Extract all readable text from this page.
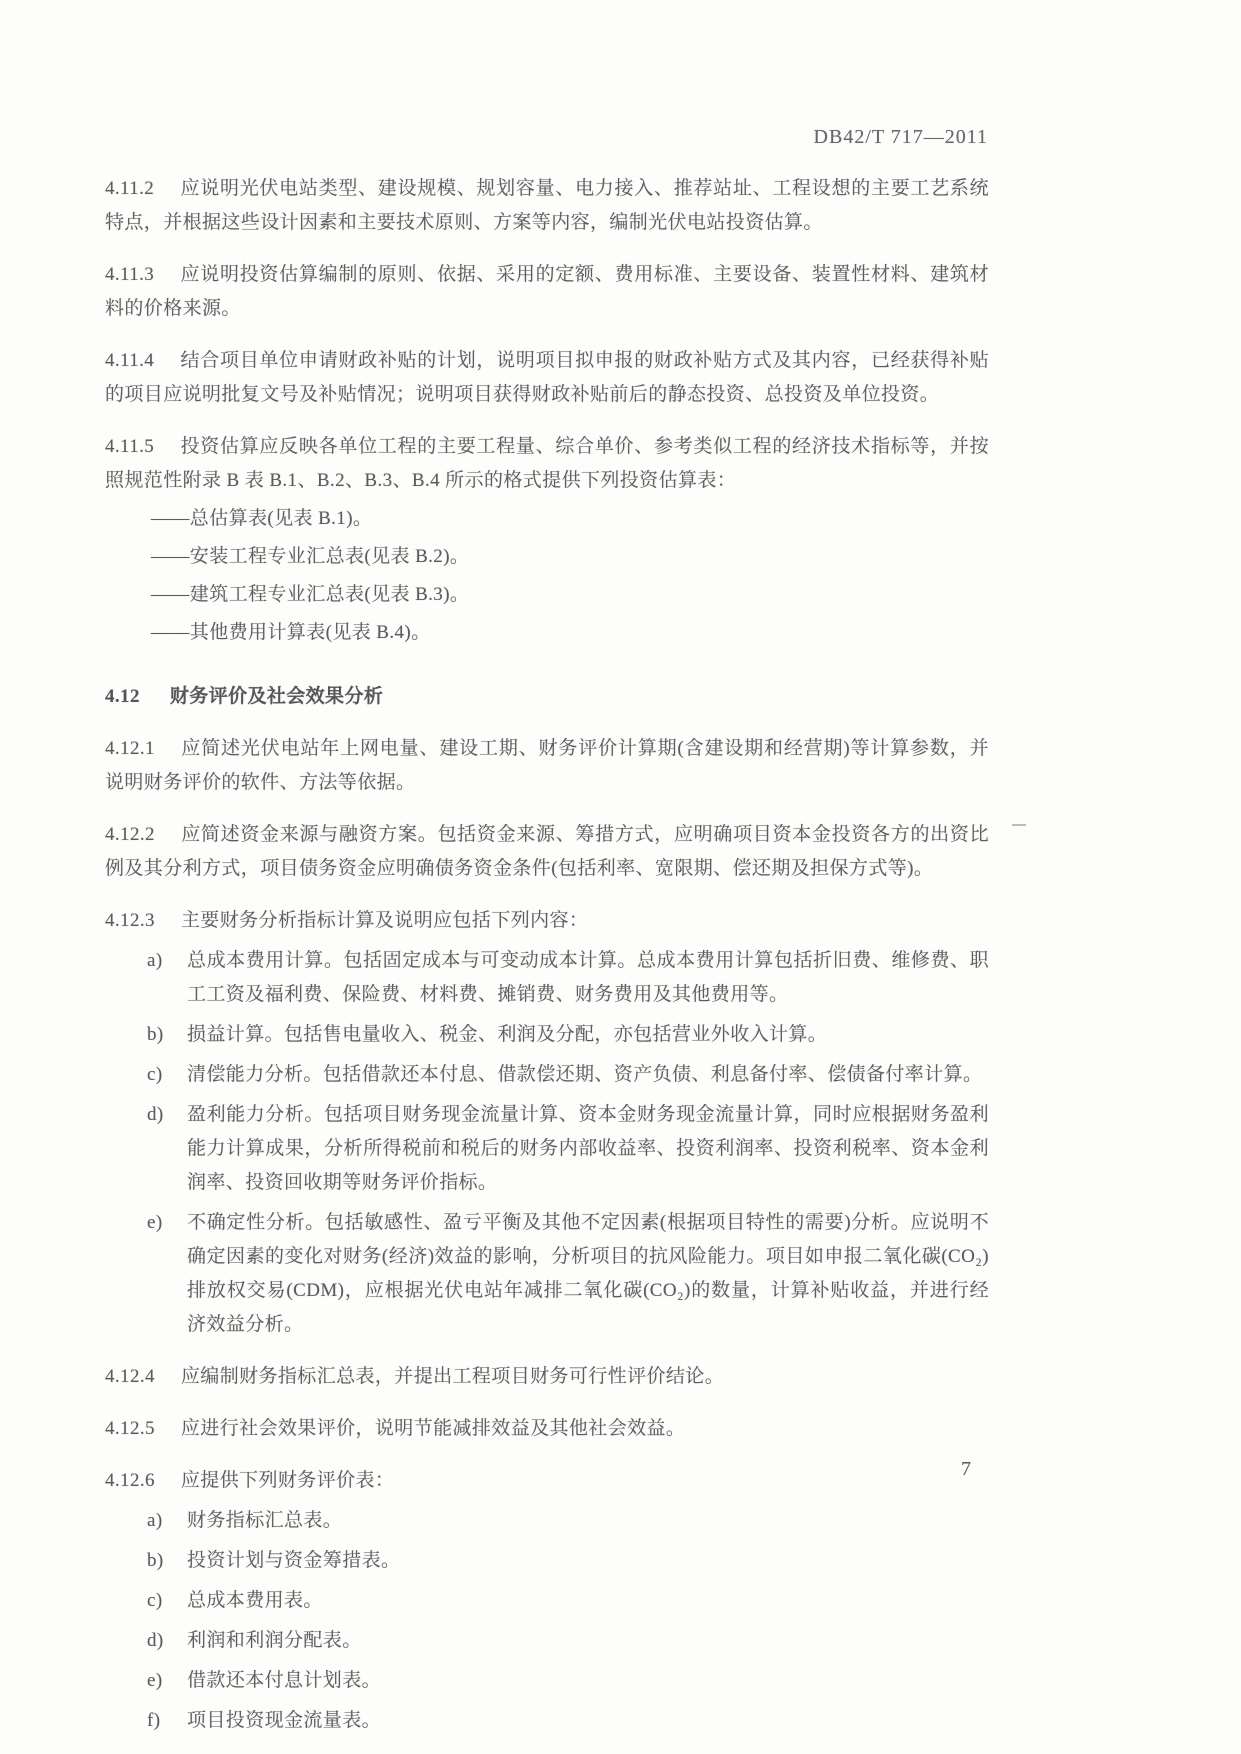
DB42/T 717—2011
4.11.2 应说明光伏电站类型、建设规模、规划容量、电力接入、推荐站址、工程设想的主要工艺系统特点，并根据这些设计因素和主要技术原则、方案等内容，编制光伏电站投资估算。
4.11.3 应说明投资估算编制的原则、依据、采用的定额、费用标准、主要设备、装置性材料、建筑材料的价格来源。
4.11.4 结合项目单位申请财政补贴的计划，说明项目拟申报的财政补贴方式及其内容，已经获得补贴的项目应说明批复文号及补贴情况；说明项目获得财政补贴前后的静态投资、总投资及单位投资。
4.11.5 投资估算应反映各单位工程的主要工程量、综合单价、参考类似工程的经济技术指标等，并按照规范性附录 B 表 B.1、B.2、B.3、B.4 所示的格式提供下列投资估算表：
——总估算表(见表 B.1)。
——安装工程专业汇总表(见表 B.2)。
——建筑工程专业汇总表(见表 B.3)。
——其他费用计算表(见表 B.4)。
4.12 财务评价及社会效果分析
4.12.1 应简述光伏电站年上网电量、建设工期、财务评价计算期(含建设期和经营期)等计算参数，并说明财务评价的软件、方法等依据。
4.12.2 应简述资金来源与融资方案。包括资金来源、筹措方式，应明确项目资本金投资各方的出资比例及其分利方式，项目债务资金应明确债务资金条件(包括利率、宽限期、偿还期及担保方式等)。
4.12.3 主要财务分析指标计算及说明应包括下列内容：
a) 总成本费用计算。包括固定成本与可变动成本计算。总成本费用计算包括折旧费、维修费、职工工资及福利费、保险费、材料费、摊销费、财务费用及其他费用等。
b) 损益计算。包括售电量收入、税金、利润及分配，亦包括营业外收入计算。
c) 清偿能力分析。包括借款还本付息、借款偿还期、资产负债、利息备付率、偿债备付率计算。
d) 盈利能力分析。包括项目财务现金流量计算、资本金财务现金流量计算，同时应根据财务盈利能力计算成果，分析所得税前和税后的财务内部收益率、投资利润率、投资利税率、资本金利润率、投资回收期等财务评价指标。
e) 不确定性分析。包括敏感性、盈亏平衡及其他不定因素(根据项目特性的需要)分析。应说明不确定因素的变化对财务(经济)效益的影响，分析项目的抗风险能力。项目如申报二氧化碳(CO₂)排放权交易(CDM)，应根据光伏电站年减排二氧化碳(CO₂)的数量，计算补贴收益，并进行经济效益分析。
4.12.4 应编制财务指标汇总表，并提出工程项目财务可行性评价结论。
4.12.5 应进行社会效果评价，说明节能减排效益及其他社会效益。
4.12.6 应提供下列财务评价表：
a) 财务指标汇总表。
b) 投资计划与资金筹措表。
c) 总成本费用表。
d) 利润和利润分配表。
e) 借款还本付息计划表。
f) 项目投资现金流量表。
7
